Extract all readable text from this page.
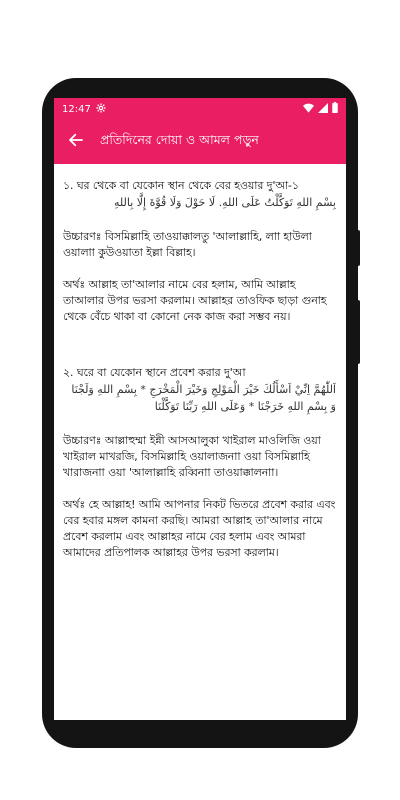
12:47
প্রতিদিনের দোয়া ও আমল পড়ুন

১. ঘর থেকে বা যেকোন স্থান থেকে বের হওয়ার দু'আ-১

بِسْمِ اللهِ تَوَكَّلْتُ عَلَى اللهِ. لَا حَوْلَ وَلَا قُوَّةَ إِلَّا بِاللهِ

উচ্চারণঃ বিসমিল্লাহি তাওয়াক্কালতু 'আলাল্লাহি, লাা হাউলা ওয়ালাা কুউওয়াতা ইল্লা বিল্লাহ।

অর্থঃ আল্লাহ তা'আলার নামে বের হলাম, আমি আল্লাহ তাআলার উপর ভরসা করলাম। আল্লাহর তাওফিক ছাড়া গুনাহ থেকে বেঁচে থাকা বা কোনো নেক কাজ করা সম্ভব নয়।

২. ঘরে বা যেকোন স্থানে প্রবেশ করার দু'আ

اَللّٰهُمَّ اِنِّيْ اَسْأَلُكَ خَيْرَ الْمَوْلِجِ وَخَيْرَ الْمَخْرَجِ * بِسْمِ اللهِ وَلَجْنَا وَ بِسْمِ اللهِ خَرَجْنَا * وَعَلَى اللهِ رَبِّنَا تَوَكَّلْنَا

উচ্চারণঃ আল্লাহুম্মা ইন্নী আসআলুকা খাইরাল মাওলিজি ওয়া খাইরাল মাখরজি, বিসমিল্লাহি ওয়ালাজনাা ওয়া বিসমিল্লাহি খারাজনাা ওয়া 'আলাল্লাহি রব্বিনাা তাওয়াক্কালনাা।

অর্থঃ হে আল্লাহ! আমি আপনার নিকট ভিতরে প্রবেশ করার এবং বের হবার মঙ্গল কামনা করছি। আমরা আল্লাহ তা'আলার নামে প্রবেশ করলাম এবং আল্লাহর নামে বের হলাম এবং আমরা আমাদের প্রতিপালক আল্লাহর উপর ভরসা করলাম।
